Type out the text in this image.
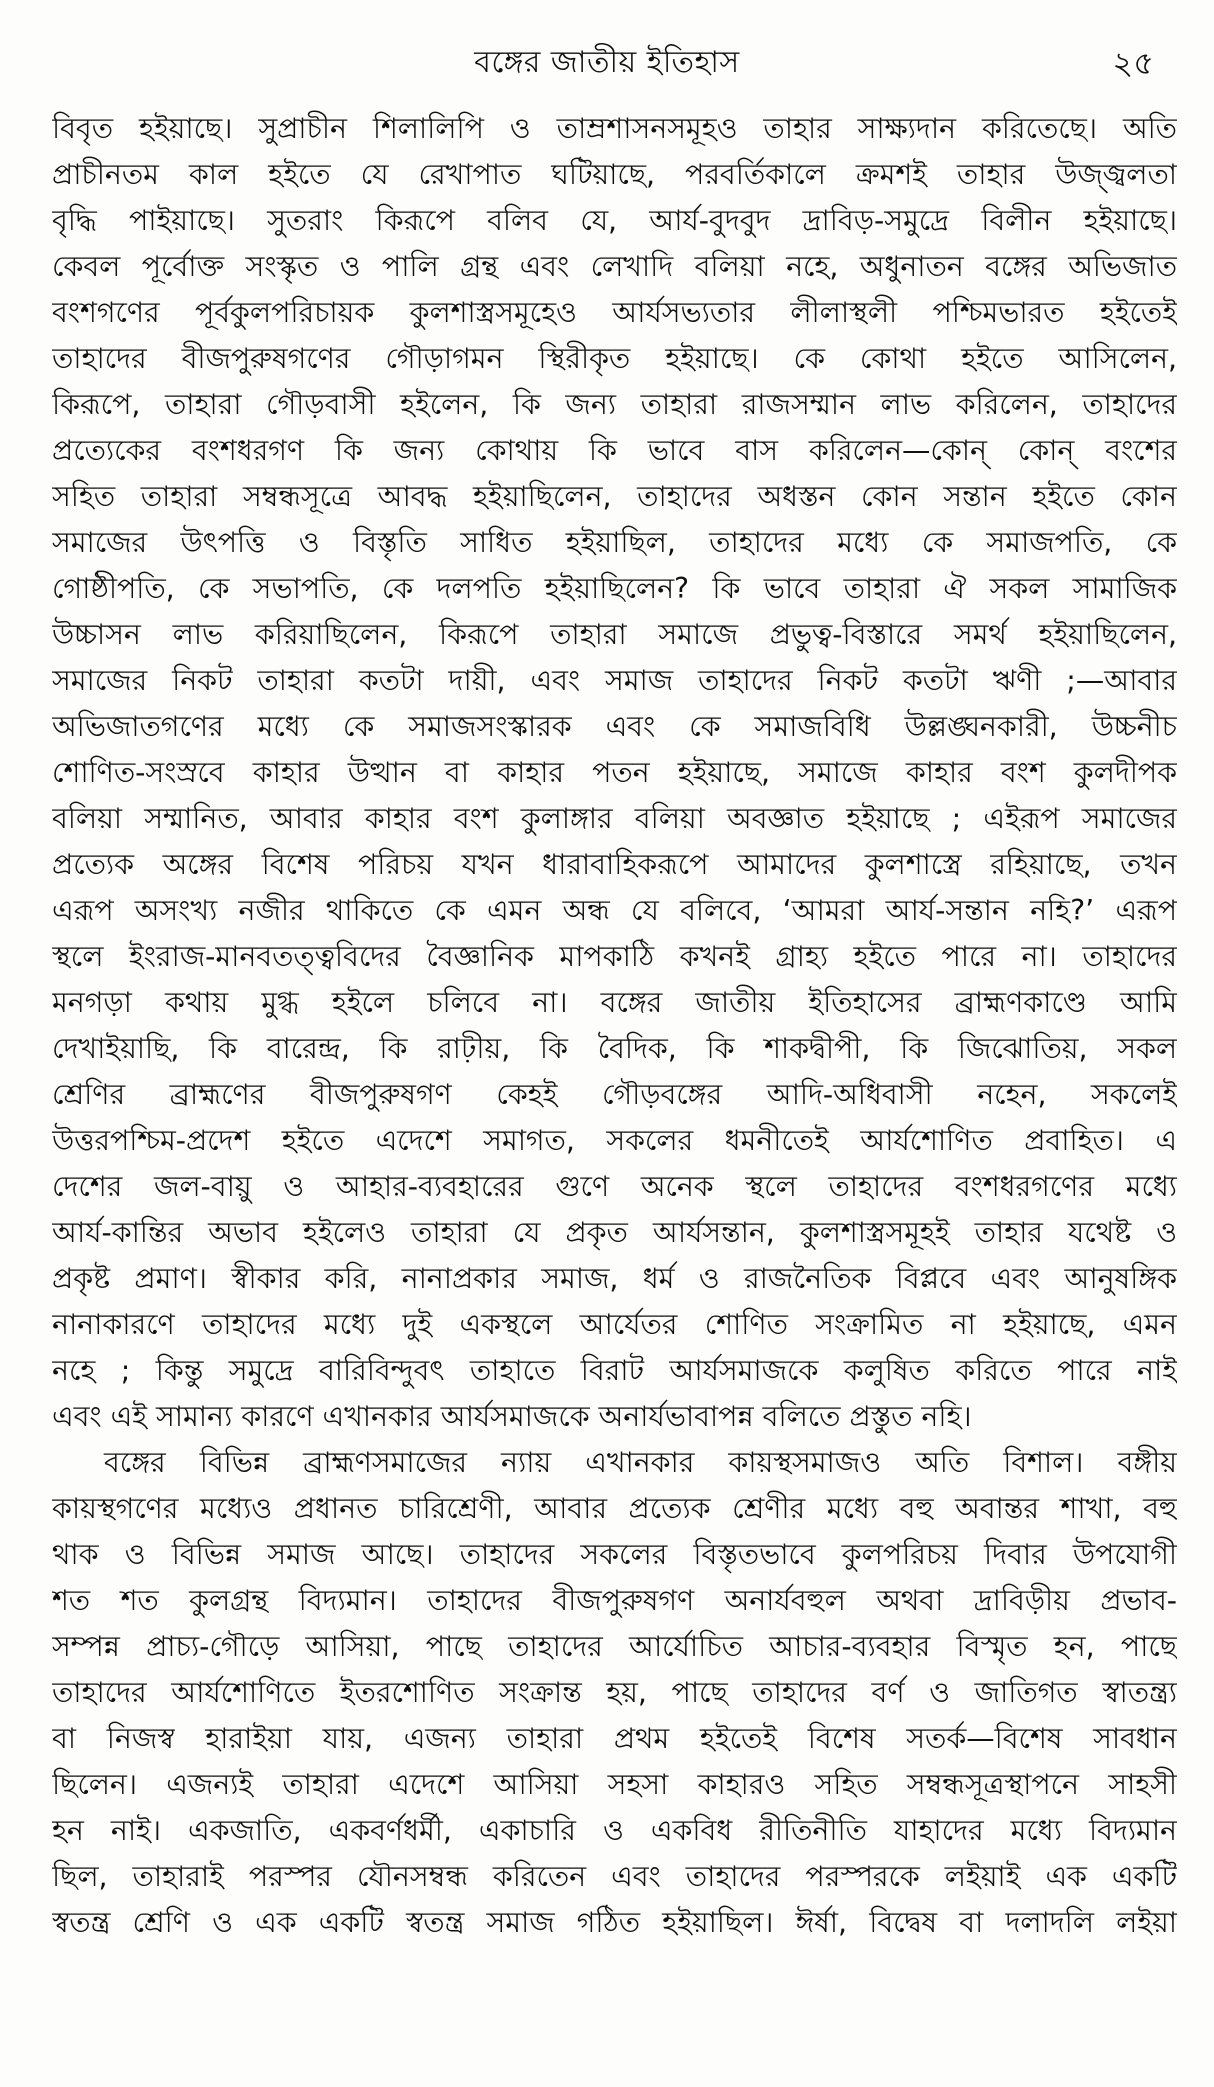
বঙ্গের জাতীয় ইতিহাস	২৫
বিবৃত হইয়াছে। সুপ্রাচীন শিলালিপি ও তাম্রশাসনসমূহও তাহার সাক্ষ্যদান করিতেছে। অতি
প্রাচীনতম কাল হইতে যে রেখাপাত ঘটিয়াছে, পরবর্তিকালে ক্রমশই তাহার উজ্জ্বলতা
বৃদ্ধি পাইয়াছে। সুতরাং কিরূপে বলিব যে, আর্য-বুদবুদ দ্রাবিড়-সমুদ্রে বিলীন হইয়াছে।
কেবল পূর্বোক্ত সংস্কৃত ও পালি গ্রন্থ এবং লেখাদি বলিয়া নহে, অধুনাতন বঙ্গের অভিজাত
বংশগণের পূর্বকুলপরিচায়ক কুলশাস্ত্রসমূহেও আর্যসভ্যতার লীলাস্থলী পশ্চিমভারত হইতেই
তাহাদের বীজপুরুষগণের গৌড়াগমন স্থিরীকৃত হইয়াছে। কে কোথা হইতে আসিলেন,
কিরূপে, তাহারা গৌড়বাসী হইলেন, কি জন্য তাহারা রাজসম্মান লাভ করিলেন, তাহাদের
প্রত্যেকের বংশধরগণ কি জন্য কোথায় কি ভাবে বাস করিলেন—কোন্ কোন্ বংশের
সহিত তাহারা সম্বন্ধসূত্রে আবদ্ধ হইয়াছিলেন, তাহাদের অধস্তন কোন সন্তান হইতে কোন
সমাজের উৎপত্তি ও বিস্তৃতি সাধিত হইয়াছিল, তাহাদের মধ্যে কে সমাজপতি, কে
গোষ্ঠীপতি, কে সভাপতি, কে দলপতি হইয়াছিলেন? কি ভাবে তাহারা ঐ সকল সামাজিক
উচ্চাসন লাভ করিয়াছিলেন, কিরূপে তাহারা সমাজে প্রভুত্ব-বিস্তারে সমর্থ হইয়াছিলেন,
সমাজের নিকট তাহারা কতটা দায়ী, এবং সমাজ তাহাদের নিকট কতটা ঋণী ;—আবার
অভিজাতগণের মধ্যে কে সমাজসংস্কারক এবং কে সমাজবিধি উল্লঙ্ঘনকারী, উচ্চনীচ
শোণিত-সংস্রবে কাহার উত্থান বা কাহার পতন হইয়াছে, সমাজে কাহার বংশ কুলদীপক
বলিয়া সম্মানিত, আবার কাহার বংশ কুলাঙ্গার বলিয়া অবজ্ঞাত হইয়াছে ; এইরূপ সমাজের
প্রত্যেক অঙ্গের বিশেষ পরিচয় যখন ধারাবাহিকরূপে আমাদের কুলশাস্ত্রে রহিয়াছে, তখন
এরূপ অসংখ্য নজীর থাকিতে কে এমন অন্ধ যে বলিবে, ‘আমরা আর্য-সন্তান নহি?’ এরূপ
স্থলে ইংরাজ-মানবতত্ত্ববিদের বৈজ্ঞানিক মাপকাঠি কখনই গ্রাহ্য হইতে পারে না। তাহাদের
মনগড়া কথায় মুগ্ধ হইলে চলিবে না। বঙ্গের জাতীয় ইতিহাসের ব্রাহ্মণকাণ্ডে আমি
দেখাইয়াছি, কি বারেন্দ্র, কি রাঢ়ীয়, কি বৈদিক, কি শাকদ্বীপী, কি জিঝোতিয়, সকল
শ্রেণির ব্রাহ্মণের বীজপুরুষগণ কেহই গৌড়বঙ্গের আদি-অধিবাসী নহেন, সকলেই
উত্তরপশ্চিম-প্রদেশ হইতে এদেশে সমাগত, সকলের ধমনীতেই আর্যশোণিত প্রবাহিত। এ
দেশের জল-বায়ু ও আহার-ব্যবহারের গুণে অনেক স্থলে তাহাদের বংশধরগণের মধ্যে
আর্য-কান্তির অভাব হইলেও তাহারা যে প্রকৃত আর্যসন্তান, কুলশাস্ত্রসমূহই তাহার যথেষ্ট ও
প্রকৃষ্ট প্রমাণ। স্বীকার করি, নানাপ্রকার সমাজ, ধর্ম ও রাজনৈতিক বিপ্লবে এবং আনুষঙ্গিক
নানাকারণে তাহাদের মধ্যে দুই একস্থলে আর্যেতর শোণিত সংক্রামিত না হইয়াছে, এমন
নহে ; কিন্তু সমুদ্রে বারিবিন্দুবৎ তাহাতে বিরাট আর্যসমাজকে কলুষিত করিতে পারে নাই
এবং এই সামান্য কারণে এখানকার আর্যসমাজকে অনার্যভাবাপন্ন বলিতে প্রস্তুত নহি।
বঙ্গের বিভিন্ন ব্রাহ্মণসমাজের ন্যায় এখানকার কায়স্থসমাজও অতি বিশাল। বঙ্গীয়
কায়স্থগণের মধ্যেও প্রধানত চারিশ্রেণী, আবার প্রত্যেক শ্রেণীর মধ্যে বহু অবান্তর শাখা, বহু
থাক ও বিভিন্ন সমাজ আছে। তাহাদের সকলের বিস্তৃতভাবে কুলপরিচয় দিবার উপযোগী
শত শত কুলগ্রন্থ বিদ্যমান। তাহাদের বীজপুরুষগণ অনার্যবহুল অথবা দ্রাবিড়ীয় প্রভাব-
সম্পন্ন প্রাচ্য-গৌড়ে আসিয়া, পাছে তাহাদের আর্যোচিত আচার-ব্যবহার বিস্মৃত হন, পাছে
তাহাদের আর্যশোণিতে ইতরশোণিত সংক্রান্ত হয়, পাছে তাহাদের বর্ণ ও জাতিগত স্বাতন্ত্র্য
বা নিজস্ব হারাইয়া যায়, এজন্য তাহারা প্রথম হইতেই বিশেষ সতর্ক—বিশেষ সাবধান
ছিলেন। এজন্যই তাহারা এদেশে আসিয়া সহসা কাহারও সহিত সম্বন্ধসূত্রস্থাপনে সাহসী
হন নাই। একজাতি, একবর্ণধর্মী, একাচারি ও একবিধ রীতিনীতি যাহাদের মধ্যে বিদ্যমান
ছিল, তাহারাই পরস্পর যৌনসম্বন্ধ করিতেন এবং তাহাদের পরস্পরকে লইয়াই এক একটি
স্বতন্ত্র শ্রেণি ও এক একটি স্বতন্ত্র সমাজ গঠিত হইয়াছিল। ঈর্ষা, বিদ্বেষ বা দলাদলি লইয়া
